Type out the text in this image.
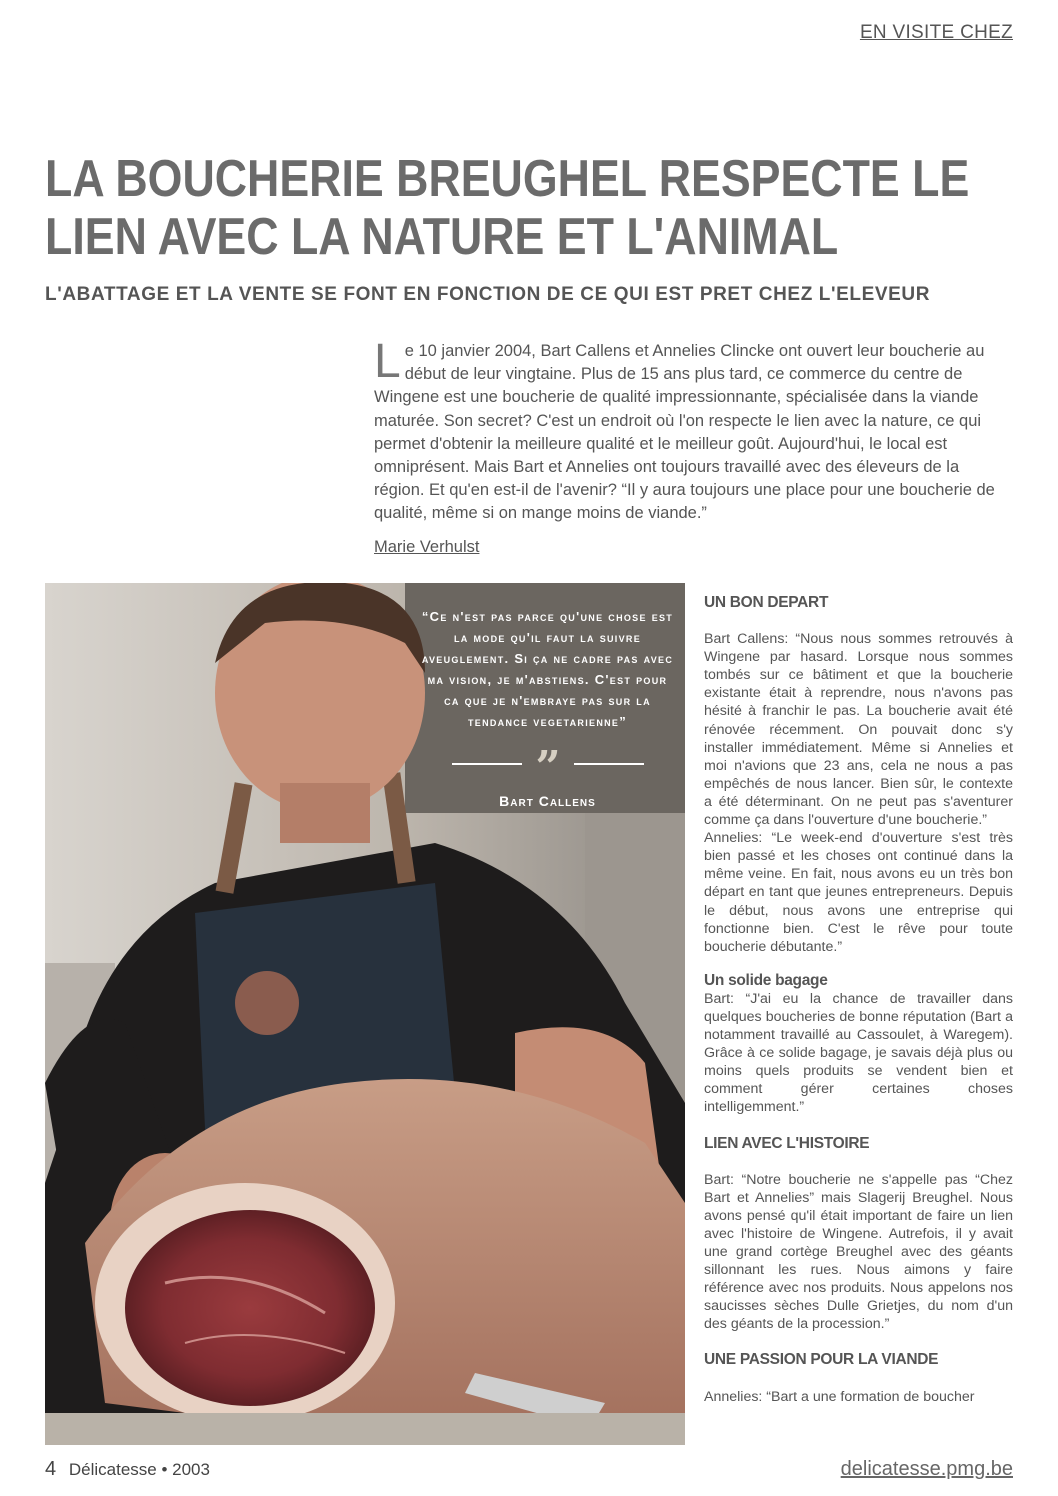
EN VISITE CHEZ
LA BOUCHERIE BREUGHEL RESPECTE LE LIEN AVEC LA NATURE ET L'ANIMAL
L'ABATTAGE ET LA VENTE SE FONT EN FONCTION DE CE QUI EST PRET CHEZ L'ELEVEUR

L e 10 janvier 2004, Bart Callens et Annelies Clincke ont ouvert leur boucherie au début de leur vingtaine. Plus de 15 ans plus tard, ce commerce du centre de Wingene est une boucherie de qualité impressionnante, spécialisée dans la viande maturée. Son secret? C'est un endroit où l'on respecte le lien avec la nature, ce qui permet d'obtenir la meilleure qualité et le meilleur goût. Aujourd'hui, le local est omniprésent. Mais Bart et Annelies ont toujours travaillé avec des éleveurs de la région. Et qu'en est-il de l'avenir? “Il y aura toujours une place pour une boucherie de qualité, même si on mange moins de viande.”

Marie Verhulst
“Ce n'est pas parce qu'une chose est la mode qu'il faut la suivre aveuglement. Si ça ne cadre pas avec ma vision, je m'abstiens. C'est pour ca que je n'embraye pas sur la tendance vegetarienne”
”
Bart Callens
UN BON DEPART

Bart Callens: “Nous nous sommes retrouvés à Wingene par hasard. Lorsque nous sommes tombés sur ce bâtiment et que la boucherie existante était à reprendre, nous n'avons pas hésité à franchir le pas. La boucherie avait été rénovée récemment. On pouvait donc s'y installer immédiatement. Même si Annelies et moi n'avions que 23 ans, cela ne nous a pas empêchés de nous lancer. Bien sûr, le contexte a été déterminant. On ne peut pas s'aventurer comme ça dans l'ouverture d'une boucherie.”

Annelies: “Le week-end d'ouverture s'est très bien passé et les choses ont continué dans la même veine. En fait, nous avons eu un très bon départ en tant que jeunes entrepreneurs. Depuis le début, nous avons une entreprise qui fonctionne bien. C'est le rêve pour toute boucherie débutante.”

Un solide bagage

Bart: “J'ai eu la chance de travailler dans quelques boucheries de bonne réputation (Bart a notamment travaillé au Cassoulet, à Waregem). Grâce à ce solide bagage, je savais déjà plus ou moins quels produits se vendent bien et comment gérer certaines choses intelligemment.”

LIEN AVEC L'HISTOIRE

Bart: “Notre boucherie ne s'appelle pas “Chez Bart et Annelies” mais Slagerij Breughel. Nous avons pensé qu'il était important de faire un lien avec l'histoire de Wingene. Autrefois, il y avait une grand cortège Breughel avec des géants sillonnant les rues. Nous aimons y faire référence avec nos produits. Nous appelons nos saucisses sèches Dulle Grietjes, du nom d'un des géants de la procession.”

UNE PASSION POUR LA VIANDE

Annelies: “Bart a une formation de boucher

4 Délicatesse • 2003	delicatesse.pmg.be
